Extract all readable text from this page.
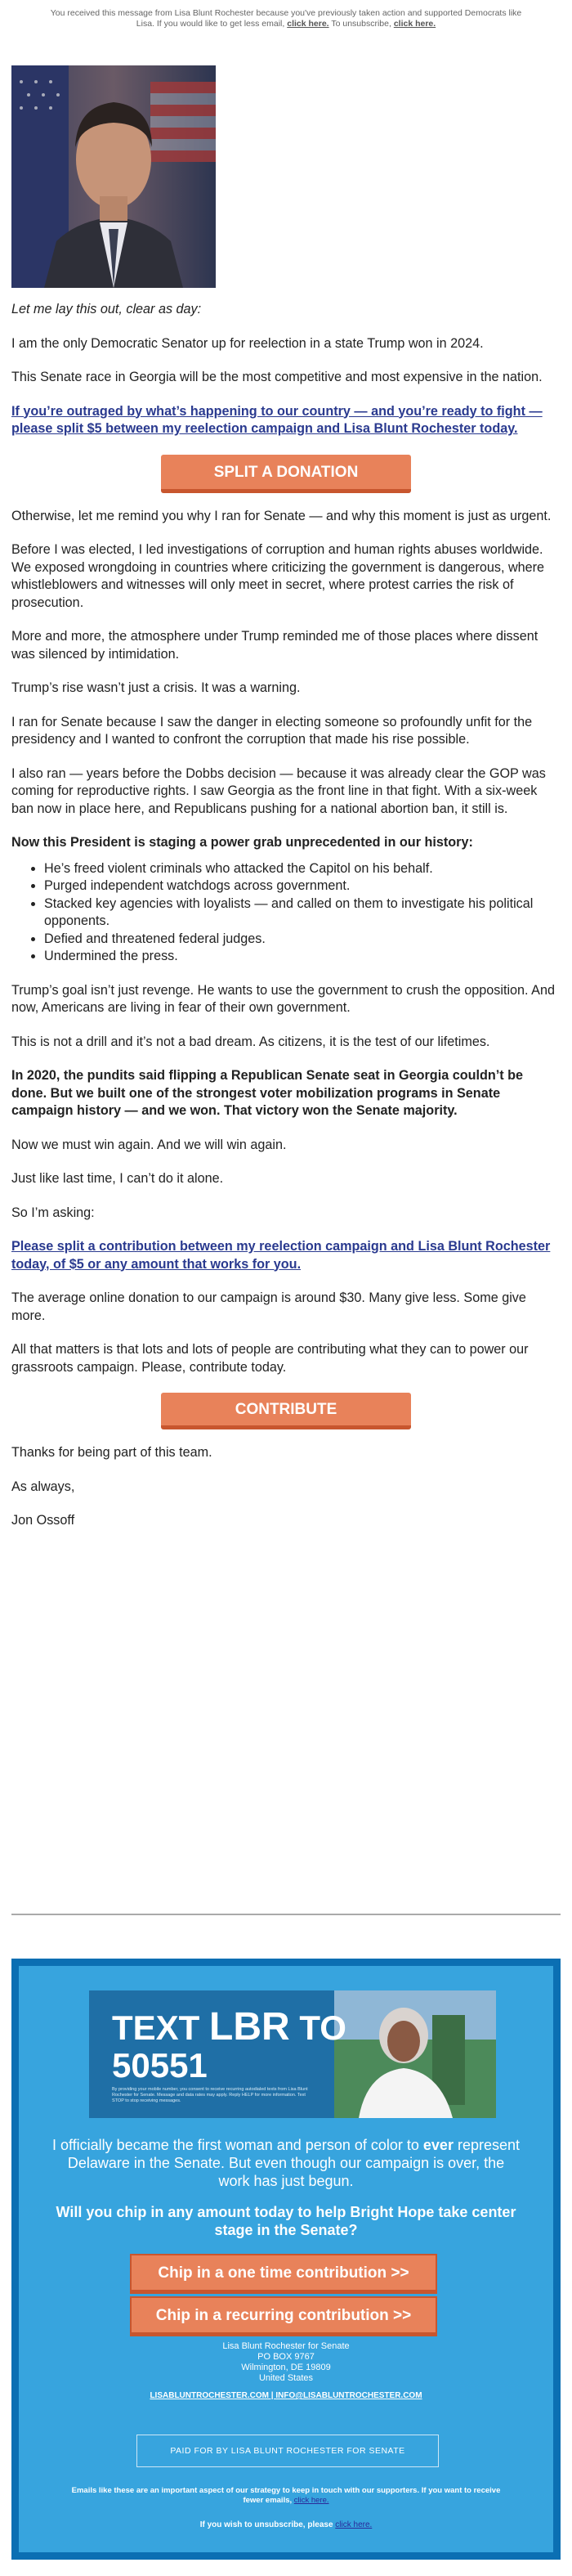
You received this message from Lisa Blunt Rochester because you've previously taken action and supported Democrats like Lisa. If you would like to get less email, click here. To unsubscribe, click here.

Let me lay this out, clear as day:

I am the only Democratic Senator up for reelection in a state Trump won in 2024.

This Senate race in Georgia will be the most competitive and most expensive in the nation.

If you’re outraged by what’s happening to our country — and you’re ready to fight — please split $5 between my reelection campaign and Lisa Blunt Rochester today.

SPLIT A DONATION

Otherwise, let me remind you why I ran for Senate — and why this moment is just as urgent.

Before I was elected, I led investigations of corruption and human rights abuses worldwide. We exposed wrongdoing in countries where criticizing the government is dangerous, where whistleblowers and witnesses will only meet in secret, where protest carries the risk of prosecution.

More and more, the atmosphere under Trump reminded me of those places where dissent was silenced by intimidation.

Trump’s rise wasn’t just a crisis. It was a warning.

I ran for Senate because I saw the danger in electing someone so profoundly unfit for the presidency and I wanted to confront the corruption that made his rise possible.

I also ran — years before the Dobbs decision — because it was already clear the GOP was coming for reproductive rights. I saw Georgia as the front line in that fight. With a six-week ban now in place here, and Republicans pushing for a national abortion ban, it still is.

Now this President is staging a power grab unprecedented in our history:

• He’s freed violent criminals who attacked the Capitol on his behalf.
• Purged independent watchdogs across government.
• Stacked key agencies with loyalists — and called on them to investigate his political opponents.
• Defied and threatened federal judges.
• Undermined the press.

Trump’s goal isn’t just revenge. He wants to use the government to crush the opposition. And now, Americans are living in fear of their own government.

This is not a drill and it’s not a bad dream. As citizens, it is the test of our lifetimes.

In 2020, the pundits said flipping a Republican Senate seat in Georgia couldn’t be done. But we built one of the strongest voter mobilization programs in Senate campaign history — and we won. That victory won the Senate majority.

Now we must win again. And we will win again.

Just like last time, I can’t do it alone.

So I’m asking:

Please split a contribution between my reelection campaign and Lisa Blunt Rochester today, of $5 or any amount that works for you.

The average online donation to our campaign is around $30. Many give less. Some give more.

All that matters is that lots and lots of people are contributing what they can to power our grassroots campaign. Please, contribute today.

CONTRIBUTE

Thanks for being part of this team.

As always,

Jon Ossoff

TEXT LBR TO
50551
By providing your mobile number, you consent to receive recurring autodialed texts from Lisa Blunt Rochester for Senate. Message and data rates may apply. Reply HELP for more information. Text STOP to stop receiving messages.
I officially became the first woman and person of color to ever represent Delaware in the Senate. But even though our campaign is over, the work has just begun.
Will you chip in any amount today to help Bright Hope take center stage in the Senate?
Chip in a one time contribution >>
Chip in a recurring contribution >>
Lisa Blunt Rochester for Senate
PO BOX 9767
Wilmington, DE 19809
United States
LISABLUNTROCHESTER.COM | INFO@LISABLUNTROCHESTER.COM
PAID FOR BY LISA BLUNT ROCHESTER FOR SENATE
Emails like these are an important aspect of our strategy to keep in touch with our supporters. If you want to receive fewer emails, click here.
If you wish to unsubscribe, please click here.
